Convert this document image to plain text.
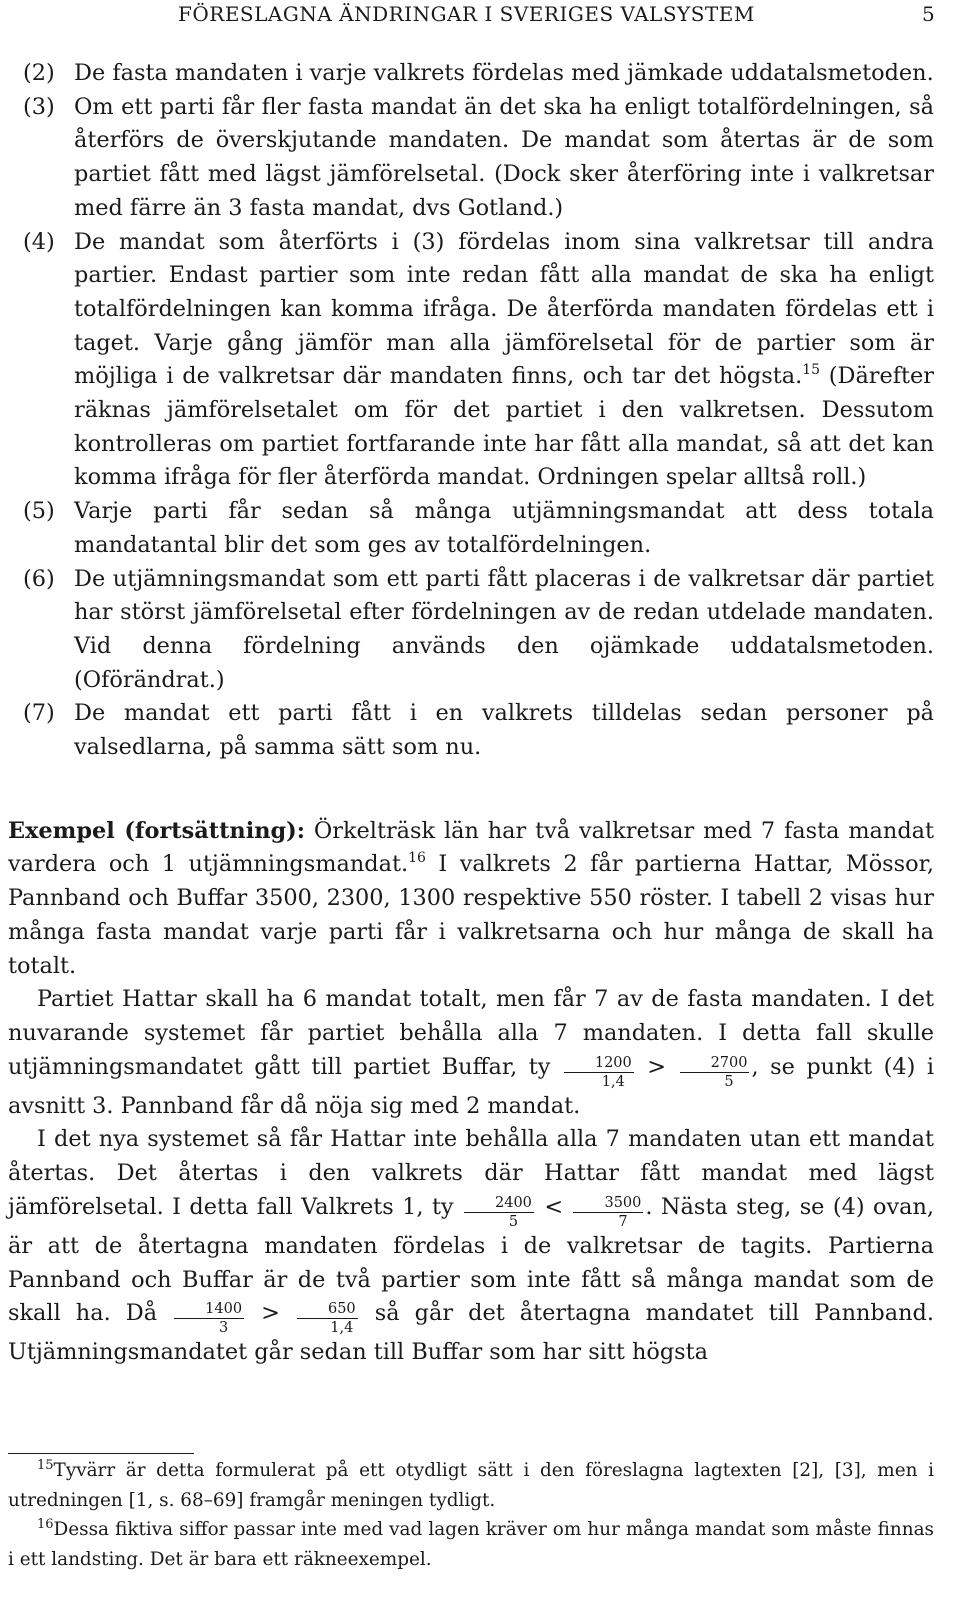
FÖRESLAGNA ÄNDRINGAR I SVERIGES VALSYSTEM	5
(2) De fasta mandaten i varje valkrets fördelas med jämkade uddatalsmetoden.
(3) Om ett parti får fler fasta mandat än det ska ha enligt totalfördelningen, så återförs de överskjutande mandaten. De mandat som återtas är de som partiet fått med lägst jämförelsetal. (Dock sker återföring inte i valkretsar med färre än 3 fasta mandat, dvs Gotland.)
(4) De mandat som återförts i (3) fördelas inom sina valkretsar till andra partier. Endast partier som inte redan fått alla mandat de ska ha enligt totalfördelningen kan komma ifråga. De återförda mandaten fördelas ett i taget. Varje gång jämför man alla jämförelsetal för de partier som är möjliga i de valkretsar där mandaten finns, och tar det högsta.$^{15}$ (Därefter räknas jämförelsetalet om för det partiet i den valkretsen. Dessutom kontrolleras om partiet fortfarande inte har fått alla mandat, så att det kan komma ifråga för fler återförda mandat. Ordningen spelar alltså roll.)
(5) Varje parti får sedan så många utjämningsmandat att dess totala mandatantal blir det som ges av totalfördelningen.
(6) De utjämningsmandat som ett parti fått placeras i de valkretsar där partiet har störst jämförelsetal efter fördelningen av de redan utdelade mandaten. Vid denna fördelning används den ojämkade uddatalsmetoden. (Oförändrat.)
(7) De mandat ett parti fått i en valkrets tilldelas sedan personer på valsedlarna, på samma sätt som nu.

Exempel (fortsättning): Örkelträsk län har två valkretsar med 7 fasta mandat vardera och 1 utjämningsmandat.$^{16}$ I valkrets 2 får partierna Hattar, Mössor, Pannband och Buffar 3500, 2300, 1300 respektive 550 röster. I tabell 2 visas hur många fasta mandat varje parti får i valkretsarna och hur många de skall ha totalt.

Partiet Hattar skall ha 6 mandat totalt, men får 7 av de fasta mandaten. I det nuvarande systemet får partiet behålla alla 7 mandaten. I detta fall skulle utjämningsmandatet gått till partiet Buffar, ty $\frac{1200}{1,4} > \frac{2700}{5}$ , se punkt (4) i avsnitt 3. Pannband får då nöja sig med 2 mandat.

I det nya systemet så får Hattar inte behålla alla 7 mandaten utan ett mandat återtas. Det återtas i den valkrets där Hattar fått mandat med lägst jämförelsetal. I detta fall Valkrets 1, ty $\frac{2400}{5} < \frac{3500}{7}$ . Nästa steg, se (4) ovan, är att de återtagna mandaten fördelas i de valkretsar de tagits. Partierna Pannband och Buffar är de två partier som inte fått så många mandat som de skall ha. Då $\frac{1400}{3} > \frac{650}{1,4}$ så går det återtagna mandatet till Pannband. Utjämningsmandatet går sedan till Buffar som har sitt högsta

$^{15}$Tyvärr är detta formulerat på ett otydligt sätt i den föreslagna lagtexten [2], [3], men i utredningen [1, s. 68–69] framgår meningen tydligt.

$^{16}$Dessa fiktiva siffor passar inte med vad lagen kräver om hur många mandat som måste finnas i ett landsting. Det är bara ett räkneexempel.
